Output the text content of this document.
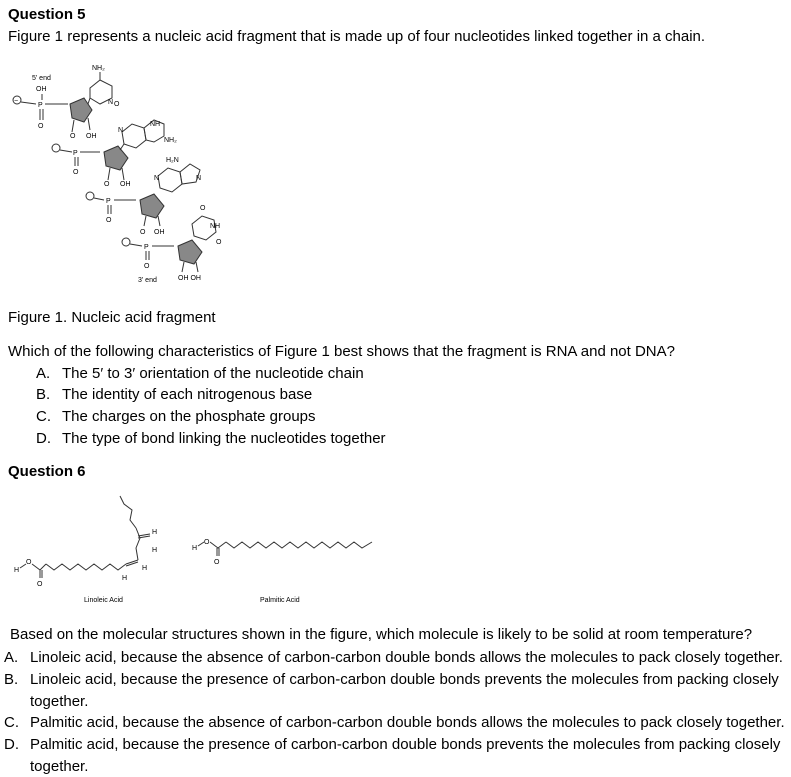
Question 5
Figure 1 represents a nucleic acid fragment that is made up of four nucleotides linked together in a chain.
5' end
3' end
−
OH
P
O
OH
NH₂
N O
O
P
O
OH
O
NH
NH₂
N
P
O
OH
O
H₂N
N
N
P
O
OH OH
NH
O
O
Figure 1. Nucleic acid fragment
Which of the following characteristics of Figure 1 best shows that the fragment is RNA and not DNA?
A. The 5′ to 3′ orientation of the nucleotide chain
B. The identity of each nitrogenous base
C. The charges on the phosphate groups
D. The type of bond linking the nucleotides together
Question 6
H
O
O
H
H
H
H
Linoleic Acid
H
O
O
Palmitic Acid
Based on the molecular structures shown in the figure, which molecule is likely to be solid at room temperature?
A. Linoleic acid, because the absence of carbon-carbon double bonds allows the molecules to pack closely together.
B. Linoleic acid, because the presence of carbon-carbon double bonds prevents the molecules from packing closely together.
C. Palmitic acid, because the absence of carbon-carbon double bonds allows the molecules to pack closely together.
D. Palmitic acid, because the presence of carbon-carbon double bonds prevents the molecules from packing closely together.
